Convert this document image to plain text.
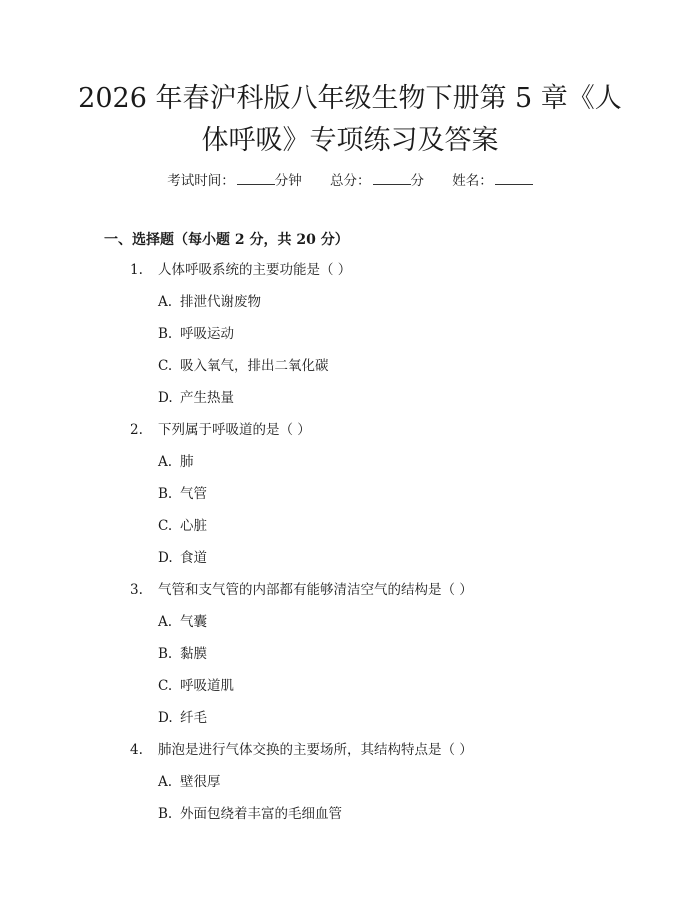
2026 年春沪科版八年级生物下册第 5 章《人
体呼吸》专项练习及答案
考试时间：	分钟 总分：	分 姓名：
一、选择题（每小题 2 分，共 20 分）
1. 人体呼吸系统的主要功能是（ ）
A. 排泄代谢废物
B. 呼吸运动
C. 吸入氧气，排出二氧化碳
D. 产生热量
2. 下列属于呼吸道的是（ ）
A. 肺
B. 气管
C. 心脏
D. 食道
3. 气管和支气管的内部都有能够清洁空气的结构是（ ）
A. 气囊
B. 黏膜
C. 呼吸道肌
D. 纤毛
4. 肺泡是进行气体交换的主要场所，其结构特点是（ ）
A. 壁很厚
B. 外面包绕着丰富的毛细血管
